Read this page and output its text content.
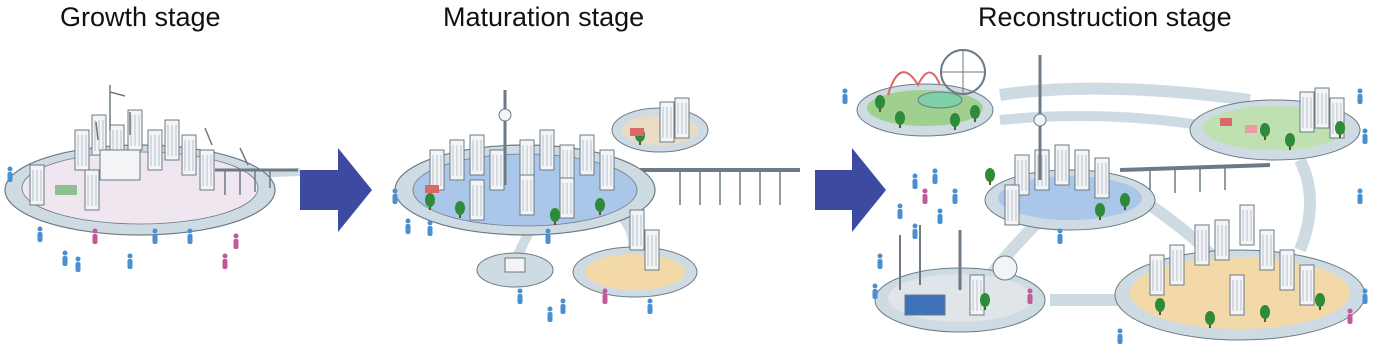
Growth stage	Maturation stage	Reconstruction stage
